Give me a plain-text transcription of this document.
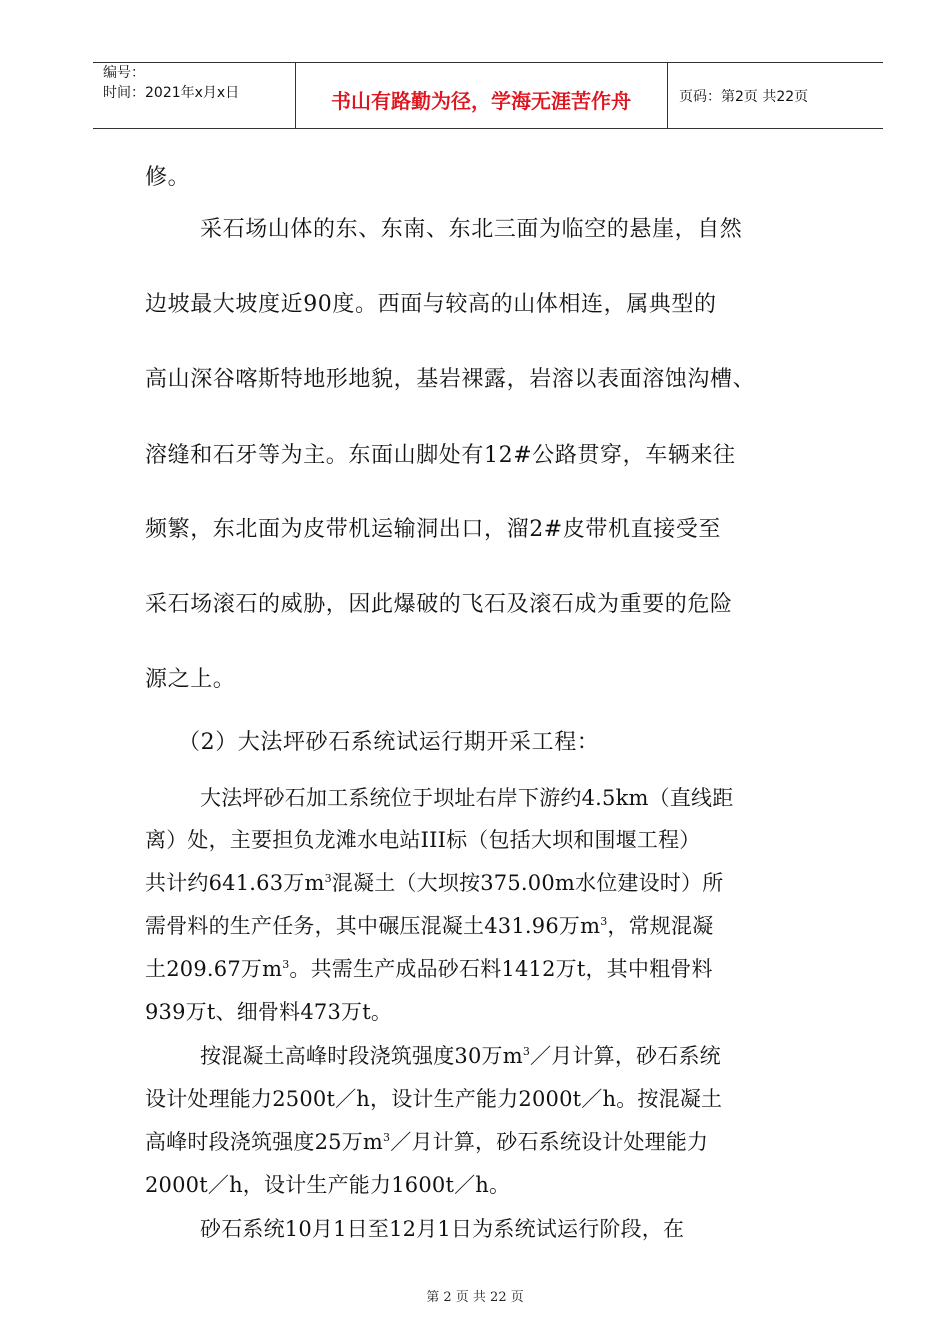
编号：
时间：2021年x月x日	书山有路勤为径，学海无涯苦作舟	页码：第2页 共22页
修。
采石场山体的东、东南、东北三面为临空的悬崖，自然
边坡最大坡度近90度。西面与较高的山体相连，属典型的
高山深谷喀斯特地形地貌，基岩裸露，岩溶以表面溶蚀沟槽、
溶缝和石牙等为主。东面山脚处有12#公路贯穿，车辆来往
频繁，东北面为皮带机运输洞出口，溜2#皮带机直接受至
采石场滚石的威胁，因此爆破的飞石及滚石成为重要的危险
源之上。
（2）大法坪砂石系统试运行期开采工程：
大法坪砂石加工系统位于坝址右岸下游约4.5km（直线距
离）处，主要担负龙滩水电站III标（包括大坝和围堰工程）
共计约641.63万$m^3$混凝土（大坝按375.00m水位建设时）所
需骨料的生产任务，其中碾压混凝土431.96万$m^3$，常规混凝
土209.67万$m^3$。共需生产成品砂石料1412万t，其中粗骨料
939万t、细骨料473万t。
按混凝土高峰时段浇筑强度30万$m^3/$月计算，砂石系统
设计处理能力2500t／h，设计生产能力2000t／h。按混凝土
高峰时段浇筑强度25万$m^3/$月计算，砂石系统设计处理能力
2000t／h，设计生产能力1600t／h。
砂石系统10月1日至12月1日为系统试运行阶段，在
第 2 页 共 22 页
